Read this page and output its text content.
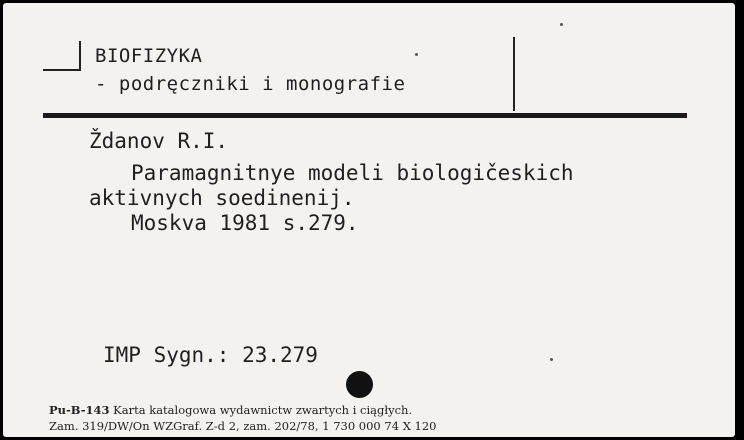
BIOFIZYKA
- podręczniki i monografie
Ždanov R.I.
Paramagnitnye modeli biologičeskich
aktivnych soedinenij.
Moskva 1981 s.279.
IMP Sygn.: 23.279
Pu-B-143 Karta katalogowa wydawnictw zwartych i ciągłych.
Zam. 319/DW/On WZGraf. Z-d 2, zam. 202/78, 1 730 000 74 X 120
